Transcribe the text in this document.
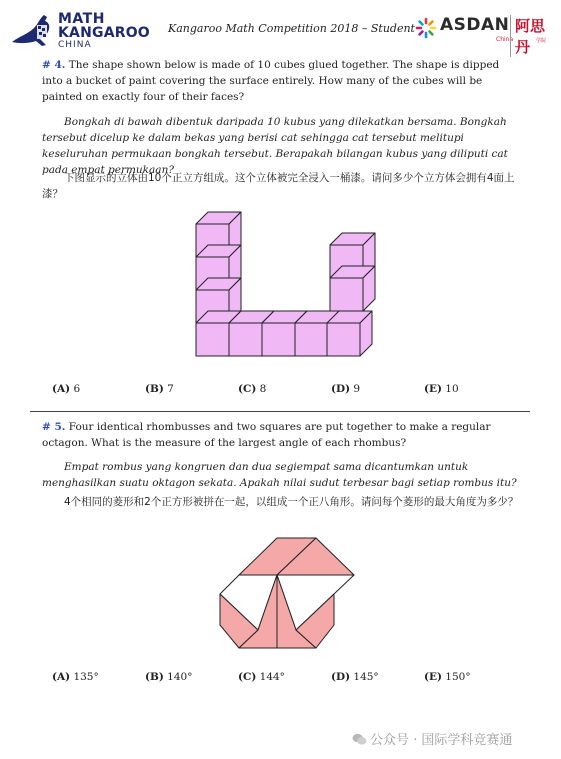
MATH
KANGAROO
CHINA
Kangaroo Math Competition 2018 – Student ASDAN
China
阿思丹	学院
# 4. The shape shown below is made of 10 cubes glued together. The shape is dipped into a bucket of paint covering the surface entirely. How many of the cubes will be painted on exactly four of their faces?
Bongkah di bawah dibentuk daripada 10 kubus yang dilekatkan bersama. Bongkah tersebut dicelup ke dalam bekas yang berisi cat sehingga cat tersebut melitupi keseluruhan permukaan bongkah tersebut. Berapakah bilangan kubus yang diliputi cat pada empat permukaan?
下图显示的立体由10个正立方组成。这个立体被完全浸入一桶漆。请问多少个立方体会拥有4面上漆？
(A) 6	(B) 7	(C) 8	(D) 9	(E) 10
# 5. Four identical rhombusses and two squares are put together to make a regular octagon. What is the measure of the largest angle of each rhombus?
Empat rombus yang kongruen dan dua segiempat sama dicantumkan untuk menghasilkan suatu oktagon sekata. Apakah nilai sudut terbesar bagi setiap rombus itu?
4个相同的菱形和2个正方形被拼在一起，以组成一个正八角形。请问每个菱形的最大角度为多少？
(A) 135°	(B) 140°	(C) 144°	(D) 145°	(E) 150°
公众号 · 国际学科竞赛通
